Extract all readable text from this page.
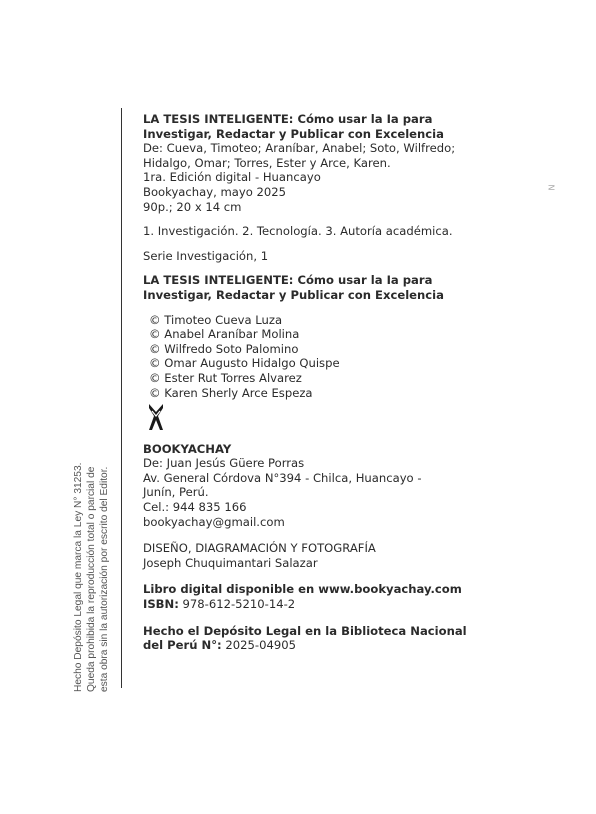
Hecho Depósito Legal que marca la Ley N° 31253. Queda prohibida la reproducción total o parcial de esta obra sin la autorización por escrito del Editor.
N
LA TESIS INTELIGENTE: Cómo usar la Ia para
Investigar, Redactar y Publicar con Excelencia
De: Cueva, Timoteo; Araníbar, Anabel; Soto, Wilfredo;
Hidalgo, Omar; Torres, Ester y Arce, Karen.
1ra. Edición digital - Huancayo
Bookyachay, mayo 2025
90p.; 20 x 14 cm
1. Investigación. 2. Tecnología. 3. Autoría académica.
Serie Investigación, 1
LA TESIS INTELIGENTE: Cómo usar la Ia para
Investigar, Redactar y Publicar con Excelencia
© Timoteo Cueva Luza
© Anabel Araníbar Molina
© Wilfredo Soto Palomino
© Omar Augusto Hidalgo Quispe
© Ester Rut Torres Alvarez
© Karen Sherly Arce Espeza
BOOKYACHAY
De: Juan Jesús Güere Porras
Av. General Córdova N°394 - Chilca, Huancayo -
Junín, Perú.
Cel.: 944 835 166
bookyachay@gmail.com
DISEÑO, DIAGRAMACIÓN Y FOTOGRAFÍA
Joseph Chuquimantari Salazar
Libro digital disponible en www.bookyachay.com
ISBN: 978-612-5210-14-2
Hecho el Depósito Legal en la Biblioteca Nacional
del Perú N°: 2025-04905
